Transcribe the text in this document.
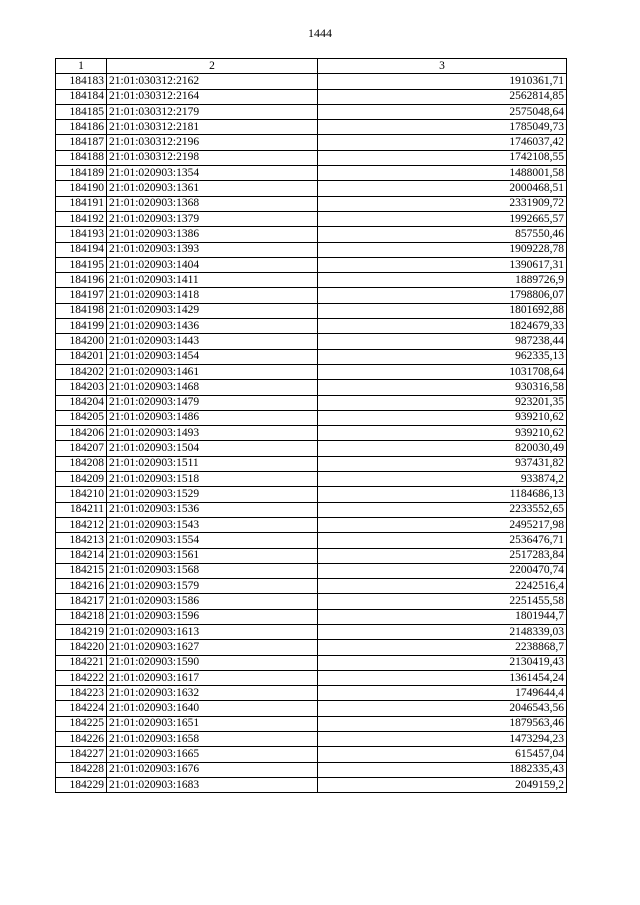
1444
1	2	3
184183	21:01:030312:2162	1910361,71
184184	21:01:030312:2164	2562814,85
184185	21:01:030312:2179	2575048,64
184186	21:01:030312:2181	1785049,73
184187	21:01:030312:2196	1746037,42
184188	21:01:030312:2198	1742108,55
184189	21:01:020903:1354	1488001,58
184190	21:01:020903:1361	2000468,51
184191	21:01:020903:1368	2331909,72
184192	21:01:020903:1379	1992665,57
184193	21:01:020903:1386	857550,46
184194	21:01:020903:1393	1909228,78
184195	21:01:020903:1404	1390617,31
184196	21:01:020903:1411	1889726,9
184197	21:01:020903:1418	1798806,07
184198	21:01:020903:1429	1801692,88
184199	21:01:020903:1436	1824679,33
184200	21:01:020903:1443	987238,44
184201	21:01:020903:1454	962335,13
184202	21:01:020903:1461	1031708,64
184203	21:01:020903:1468	930316,58
184204	21:01:020903:1479	923201,35
184205	21:01:020903:1486	939210,62
184206	21:01:020903:1493	939210,62
184207	21:01:020903:1504	820030,49
184208	21:01:020903:1511	937431,82
184209	21:01:020903:1518	933874,2
184210	21:01:020903:1529	1184686,13
184211	21:01:020903:1536	2233552,65
184212	21:01:020903:1543	2495217,98
184213	21:01:020903:1554	2536476,71
184214	21:01:020903:1561	2517283,84
184215	21:01:020903:1568	2200470,74
184216	21:01:020903:1579	2242516,4
184217	21:01:020903:1586	2251455,58
184218	21:01:020903:1596	1801944,7
184219	21:01:020903:1613	2148339,03
184220	21:01:020903:1627	2238868,7
184221	21:01:020903:1590	2130419,43
184222	21:01:020903:1617	1361454,24
184223	21:01:020903:1632	1749644,4
184224	21:01:020903:1640	2046543,56
184225	21:01:020903:1651	1879563,46
184226	21:01:020903:1658	1473294,23
184227	21:01:020903:1665	615457,04
184228	21:01:020903:1676	1882335,43
184229	21:01:020903:1683	2049159,2
